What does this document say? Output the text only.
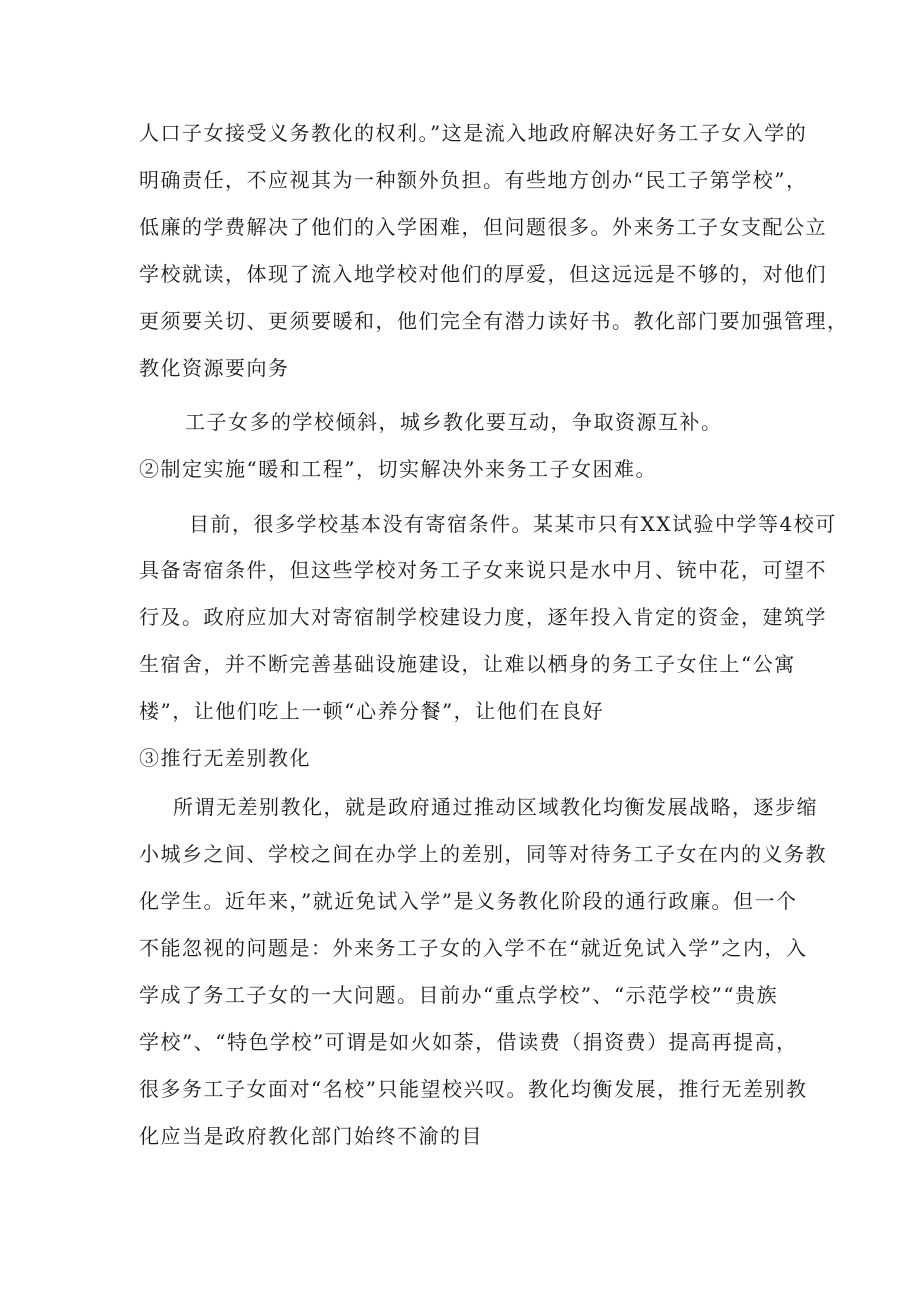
人口子女接受义务教化的权利。”这是流入地政府解决好务工子女入学的
明确责任，不应视其为一种额外负担。有些地方创办“民工子第学校”，
低廉的学费解决了他们的入学困难，但问题很多。外来务工子女支配公立
学校就读，体现了流入地学校对他们的厚爱，但这远远是不够的，对他们
更须要关切、更须要暖和，他们完全有潜力读好书。教化部门要加强管理，
教化资源要向务
工子女多的学校倾斜，城乡教化要互动，争取资源互补。
②制定实施“暖和工程”，切实解决外来务工子女困难。
目前，很多学校基本没有寄宿条件。某某市只有XX试验中学等4校可
具备寄宿条件，但这些学校对务工子女来说只是水中月、铳中花，可望不
行及。政府应加大对寄宿制学校建设力度，逐年投入肯定的资金，建筑学
生宿舍，并不断完善基础设施建设，让难以栖身的务工子女住上“公寓
楼”，让他们吃上一顿“心养分餐”，让他们在良好
③推行无差别教化
所谓无差别教化，就是政府通过推动区域教化均衡发展战略，逐步缩
小城乡之间、学校之间在办学上的差别，同等对待务工子女在内的义务教
化学生。近年来，”就近免试入学”是义务教化阶段的通行政廉。但一个
不能忽视的问题是：外来务工子女的入学不在“就近免试入学”之内，入
学成了务工子女的一大问题。目前办“重点学校”、“示范学校”“贵族
学校”、“特色学校”可谓是如火如荼，借读费（捐资费）提高再提高，
很多务工子女面对“名校”只能望校兴叹。教化均衡发展，推行无差别教
化应当是政府教化部门始终不渝的目
